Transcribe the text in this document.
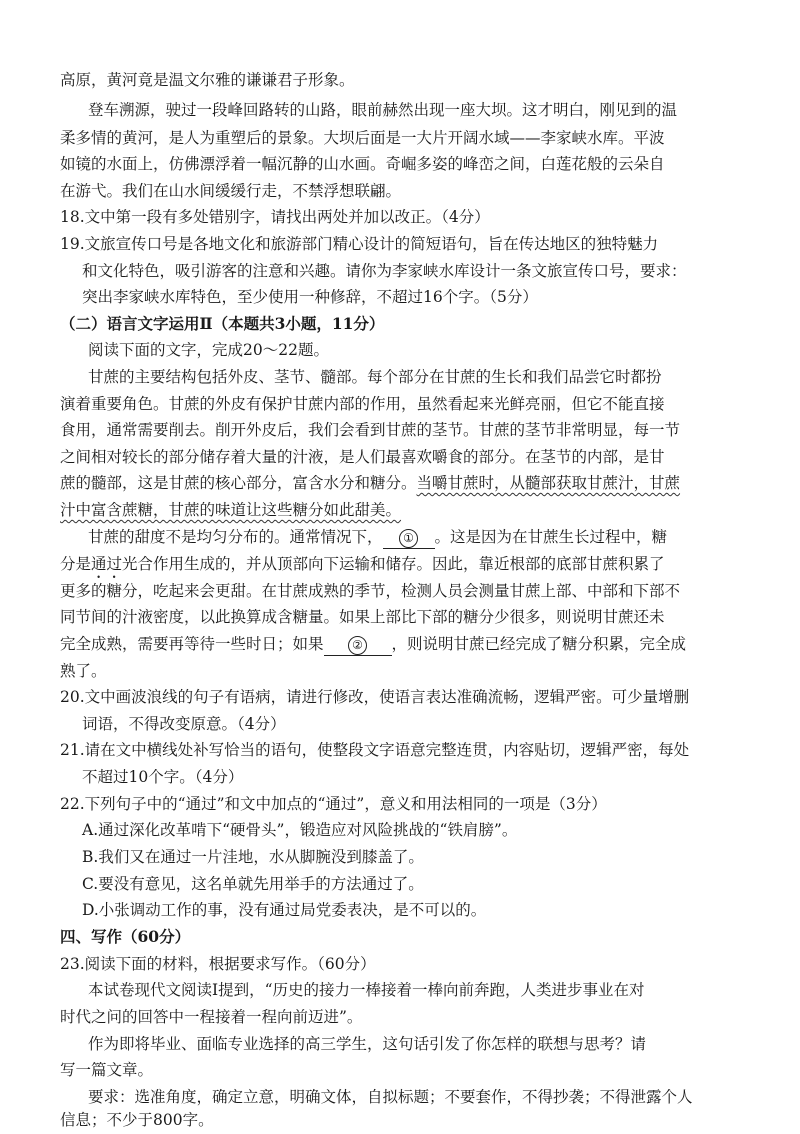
高原，黄河竟是温文尔雅的谦谦君子形象。
登车溯源，驶过一段峰回路转的山路，眼前赫然出现一座大坝。这才明白，刚见到的温
柔多情的黄河，是人为重塑后的景象。大坝后面是一大片开阔水域——李家峡水库。平波
如镜的水面上，仿佛漂浮着一幅沉静的山水画。奇崛多姿的峰峦之间，白莲花般的云朵自
在游弋。我们在山水间缓缓行走，不禁浮想联翩。
18.文中第一段有多处错别字，请找出两处并加以改正。（4分）
19.文旅宣传口号是各地文化和旅游部门精心设计的简短语句，旨在传达地区的独特魅力
和文化特色，吸引游客的注意和兴趣。请你为李家峡水库设计一条文旅宣传口号，要求：
突出李家峡水库特色，至少使用一种修辞，不超过16个字。（5分）
（二）语言文字运用Ⅱ（本题共3小题，11分）
阅读下面的文字，完成20～22题。
甘蔗的主要结构包括外皮、茎节、髓部。每个部分在甘蔗的生长和我们品尝它时都扮
演着重要角色。甘蔗的外皮有保护甘蔗内部的作用，虽然看起来光鲜亮丽，但它不能直接
食用，通常需要削去。削开外皮后，我们会看到甘蔗的茎节。甘蔗的茎节非常明显，每一节
之间相对较长的部分储存着大量的汁液，是人们最喜欢嚼食的部分。在茎节的内部，是甘
蔗的髓部，这是甘蔗的核心部分，富含水分和糖分。当嚼甘蔗时，从髓部获取甘蔗汁，甘蔗
汁中富含蔗糖，甘蔗的味道让这些糖分如此甜美。
甘蔗的甜度不是均匀分布的。通常情况下， ① 。这是因为在甘蔗生长过程中，糖
分是通过光合作用生成的，并从顶部向下运输和储存。因此，靠近根部的底部甘蔗积累了
更多的糖分，吃起来会更甜。在甘蔗成熟的季节，检测人员会测量甘蔗上部、中部和下部不
同节间的汁液密度，以此换算成含糖量。如果上部比下部的糖分少很多，则说明甘蔗还未
完全成熟，需要再等待一些时日；如果 ② ，则说明甘蔗已经完成了糖分积累，完全成
熟了。
20.文中画波浪线的句子有语病，请进行修改，使语言表达准确流畅，逻辑严密。可少量增删
词语，不得改变原意。（4分）
21.请在文中横线处补写恰当的语句，使整段文字语意完整连贯，内容贴切，逻辑严密，每处
不超过10个字。（4分）
22.下列句子中的“通过”和文中加点的“通过”，意义和用法相同的一项是（3分）
A.通过深化改革啃下“硬骨头”，锻造应对风险挑战的“铁肩膀”。
B.我们又在通过一片洼地，水从脚腕没到膝盖了。
C.要没有意见，这名单就先用举手的方法通过了。
D.小张调动工作的事，没有通过局党委表决，是不可以的。
四、写作（60分）
23.阅读下面的材料，根据要求写作。（60分）
本试卷现代文阅读Ⅰ提到，“历史的接力一棒接着一棒向前奔跑，人类进步事业在对
时代之问的回答中一程接着一程向前迈进”。
作为即将毕业、面临专业选择的高三学生，这句话引发了你怎样的联想与思考？请
写一篇文章。
要求：选准角度，确定立意，明确文体，自拟标题；不要套作，不得抄袭；不得泄露个人
信息；不少于800字。
